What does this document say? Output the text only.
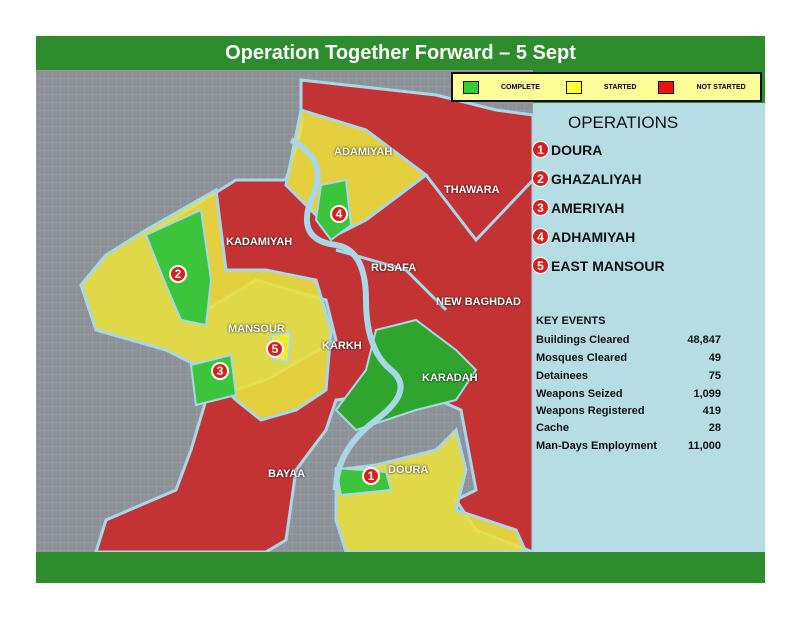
Operation Together Forward – 5 Sept
ADAMIYAH
THAWARA
KADAMIYAH
RUSAFA
NEW BAGHDAD
MANSOUR
KARKH
KARADAH
BAYAA	DOURA
1
2
3
4
5
COMPLETE	STARTED	NOT STARTED
OPERATIONS
1 DOURA
2 GHAZALIYAH
3 AMERIYAH
4 ADHAMIYAH
5 EAST MANSOUR
KEY EVENTS
Buildings Cleared	48,847
Mosques Cleared	49
Detainees	75
Weapons Seized	1,099
Weapons Registered	419
Cache	28
Man-Days Employment	11,000
